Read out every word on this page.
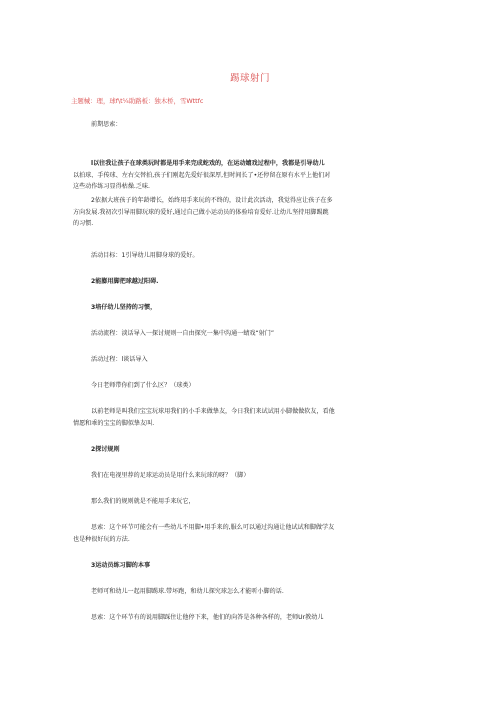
踢球射门
主题械：理，球f\t¼助路板：独木桥，雪Wttfc
前期思索：
l以往我让孩子在球类玩时都是用手来完成蛇戏的，在运动嬉戏过程中，我都是引导幼儿
以拍球、手传球、左右交替拍,孩子们刚起先爱好很深厚,但时间长了•还停留在原有水平上他们对
这些动作练习显得枯燥.乏味.
2依据大班孩子的年龄增长，始终用手来玩的不终的，设计此次活动，我觉得应让孩子在多
方向发展.我初次引导用脚玩球的爱好,通过自己做小运动员的体验培育爱好.让幼儿坚持用脚踢跳
的习惯.
活动目标：1引导幼儿用脚身球的爱好。
2能膨用脚把球越过阳碍.
3培仔幼儿坚持的习惯，
活动流程：淡话导入一探讨规则一自由探究一集中沟通一蜻戏“射门”
活动过程：l谈话导入
今日老师带你们到了什么区？（球类）
以前老师是叫我们宝宝玩球用我们的小手来做挚友，今日我们来试试用小脚做做软友，看他
情愿和乖的宝宝的脚似挚友叫.
2探讨规则
我们在电视里荐的足球运动员是用什么来玩球的呀？（脚）
那么我们的规则就是不能用手来玩它，
思索：这个环节可能会有一些幼儿不用脚•用手来的,服么可以通过沟通让他试试和脚做学友
也是种很好玩的方法.
3运动员练习脚的本事
老师可和幼儿一起用脚踢球.带坏跑，和幼儿探究球怎么才能听小脚的话.
思索：这个环节有的说用脚踩住让他停下来，他们的向答是各种各样的，老师Ur教幼儿
